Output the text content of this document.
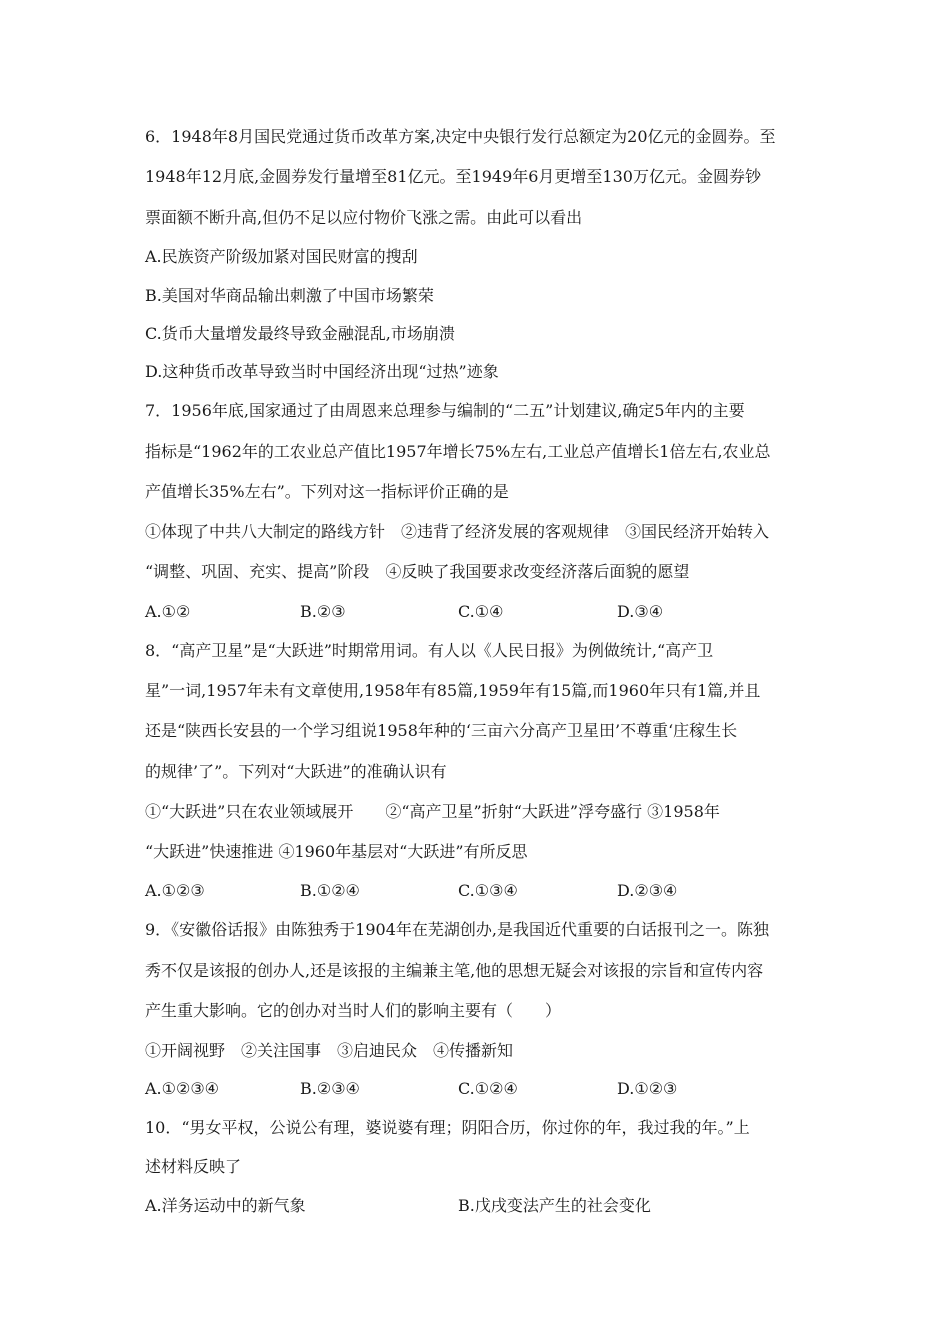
6．1948年8月国民党通过货币改革方案,决定中央银行发行总额定为20亿元的金圆券。至
1948年12月底,金圆券发行量增至81亿元。至1949年6月更增至130万亿元。金圆券钞
票面额不断升高,但仍不足以应付物价飞涨之需。由此可以看出
A.民族资产阶级加紧对国民财富的搜刮
B.美国对华商品输出刺激了中国市场繁荣
C.货币大量增发最终导致金融混乱,市场崩溃
D.这种货币改革导致当时中国经济出现“过热”迹象
7．1956年底,国家通过了由周恩来总理参与编制的“二五”计划建议,确定5年内的主要
指标是“1962年的工农业总产值比1957年增长75%左右,工业总产值增长1倍左右,农业总
产值增长35%左右”。下列对这一指标评价正确的是
①体现了中共八大制定的路线方针　②违背了经济发展的客观规律　③国民经济开始转入
“调整、巩固、充实、提高”阶段　④反映了我国要求改变经济落后面貌的愿望
A.①②	B.②③	C.①④	D.③④
8．“高产卫星”是“大跃进”时期常用词。有人以《人民日报》为例做统计,“高产卫
星”一词,1957年未有文章使用,1958年有85篇,1959年有15篇,而1960年只有1篇,并且
还是“陕西长安县的一个学习组说1958年种的‘三亩六分高产卫星田’不尊重‘庄稼生长
的规律’了”。下列对“大跃进”的准确认识有
①“大跃进”只在农业领域展开　　②“高产卫星”折射“大跃进”浮夸盛行 ③1958年
“大跃进”快速推进 ④1960年基层对“大跃进”有所反思
A.①②③	B.①②④	C.①③④	D.②③④
9．《安徽俗话报》由陈独秀于1904年在芜湖创办,是我国近代重要的白话报刊之一。陈独
秀不仅是该报的创办人,还是该报的主编兼主笔,他的思想无疑会对该报的宗旨和宣传内容
产生重大影响。它的创办对当时人们的影响主要有（　　）
①开阔视野　②关注国事　③启迪民众　④传播新知
A.①②③④	B.②③④	C.①②④	D.①②③
10．“男女平权，公说公有理，婆说婆有理；阴阳合历，你过你的年，我过我的年。”上
述材料反映了
A.洋务运动中的新气象	B.戊戌变法产生的社会变化
